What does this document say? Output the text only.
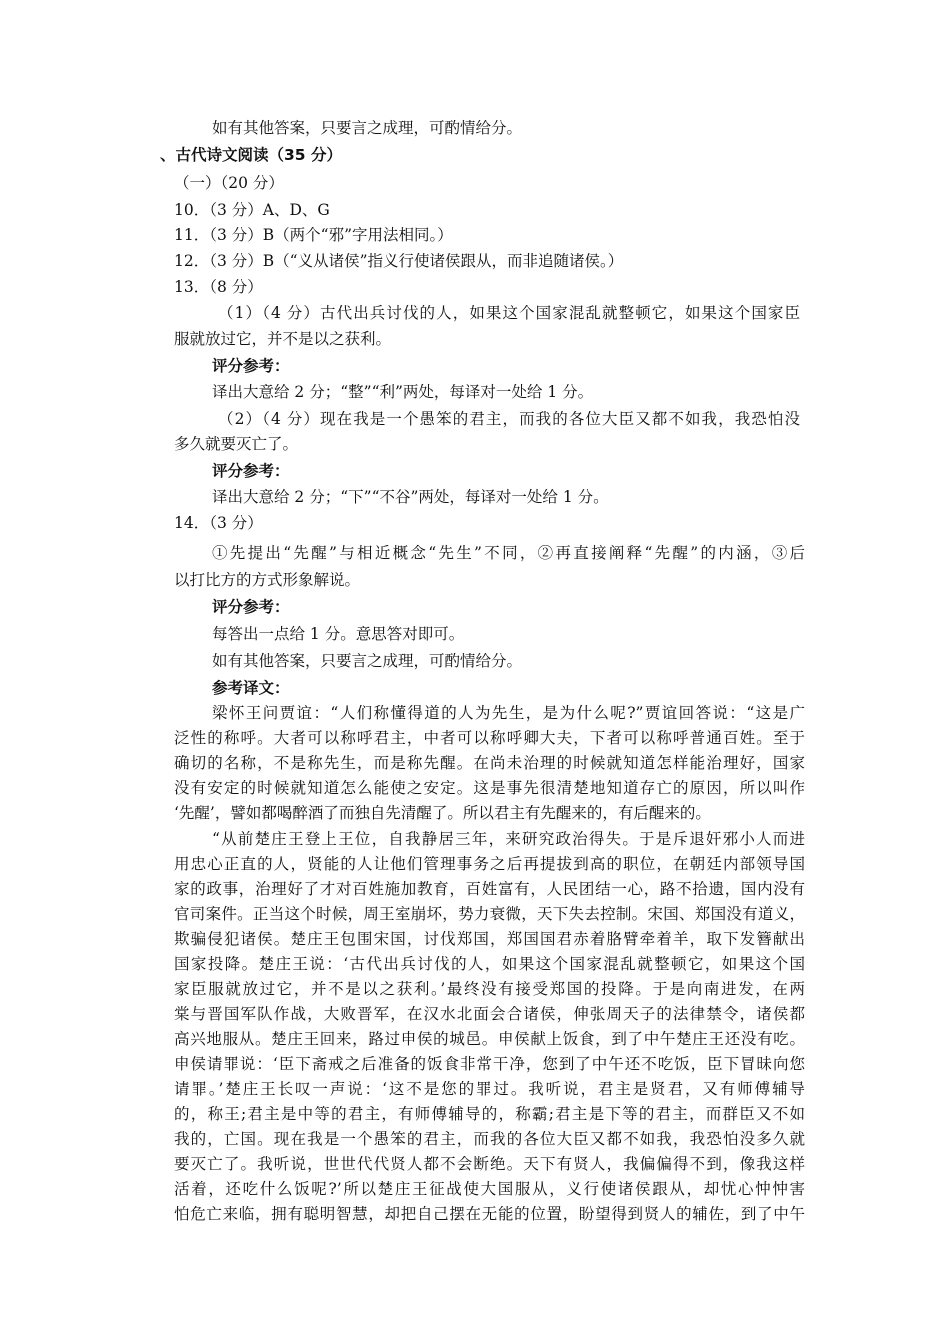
如有其他答案，只要言之成理，可酌情给分。
、古代诗文阅读（35 分）
（一）（20 分）
10．（3 分）A、D、G
11．（3 分）B（两个“邪”字用法相同。）
12．（3 分）B（“义从诸侯”指义行使诸侯跟从，而非追随诸侯。）
13．（8 分）
（1）（4 分）古代出兵讨伐的人，如果这个国家混乱就整顿它，如果这个国家臣
服就放过它，并不是以之获利。
评分参考：
译出大意给 2 分；“整”“利”两处，每译对一处给 1 分。
（2）（4 分）现在我是一个愚笨的君主，而我的各位大臣又都不如我，我恐怕没
多久就要灭亡了。
评分参考：
译出大意给 2 分；“下”“不谷”两处，每译对一处给 1 分。
14．（3 分）
①先提出“先醒”与相近概念“先生”不同，②再直接阐释“先醒”的内涵，③后
以打比方的方式形象解说。
评分参考：
每答出一点给 1 分。意思答对即可。
如有其他答案，只要言之成理，可酌情给分。
参考译文：
梁怀王问贾谊：“人们称懂得道的人为先生，是为什么呢?”贾谊回答说：“这是广
泛性的称呼。大者可以称呼君主，中者可以称呼卿大夫，下者可以称呼普通百姓。至于
确切的名称，不是称先生，而是称先醒。在尚未治理的时候就知道怎样能治理好，国家
没有安定的时候就知道怎么能使之安定。这是事先很清楚地知道存亡的原因，所以叫作
‘先醒’，譬如都喝醉酒了而独自先清醒了。所以君主有先醒来的，有后醒来的。
“从前楚庄王登上王位，自我静居三年，来研究政治得失。于是斥退奸邪小人而进
用忠心正直的人，贤能的人让他们管理事务之后再提拔到高的职位，在朝廷内部领导国
家的政事，治理好了才对百姓施加教育，百姓富有，人民团结一心，路不拾遗，国内没有
官司案件。正当这个时候，周王室崩坏，势力衰微，天下失去控制。宋国、郑国没有道义，
欺骗侵犯诸侯。楚庄王包围宋国，讨伐郑国，郑国国君赤着胳臂牵着羊，取下发簪献出
国家投降。楚庄王说：‘古代出兵讨伐的人，如果这个国家混乱就整顿它，如果这个国
家臣服就放过它，并不是以之获利。’最终没有接受郑国的投降。于是向南进发，在两
棠与晋国军队作战，大败晋军，在汉水北面会合诸侯，伸张周天子的法律禁令，诸侯都
高兴地服从。楚庄王回来，路过申侯的城邑。申侯献上饭食，到了中午楚庄王还没有吃。
申侯请罪说：‘臣下斋戒之后准备的饭食非常干净，您到了中午还不吃饭，臣下冒昧向您
请罪。’楚庄王长叹一声说：‘这不是您的罪过。我听说，君主是贤君，又有师傅辅导
的，称王;君主是中等的君主，有师傅辅导的，称霸;君主是下等的君主，而群臣又不如
我的，亡国。现在我是一个愚笨的君主，而我的各位大臣又都不如我，我恐怕没多久就
要灭亡了。我听说，世世代代贤人都不会断绝。天下有贤人，我偏偏得不到，像我这样
活着，还吃什么饭呢?’所以楚庄王征战使大国服从，义行使诸侯跟从，却忧心忡忡害
怕危亡来临，拥有聪明智慧，却把自己摆在无能的位置，盼望得到贤人的辅佐，到了中午
